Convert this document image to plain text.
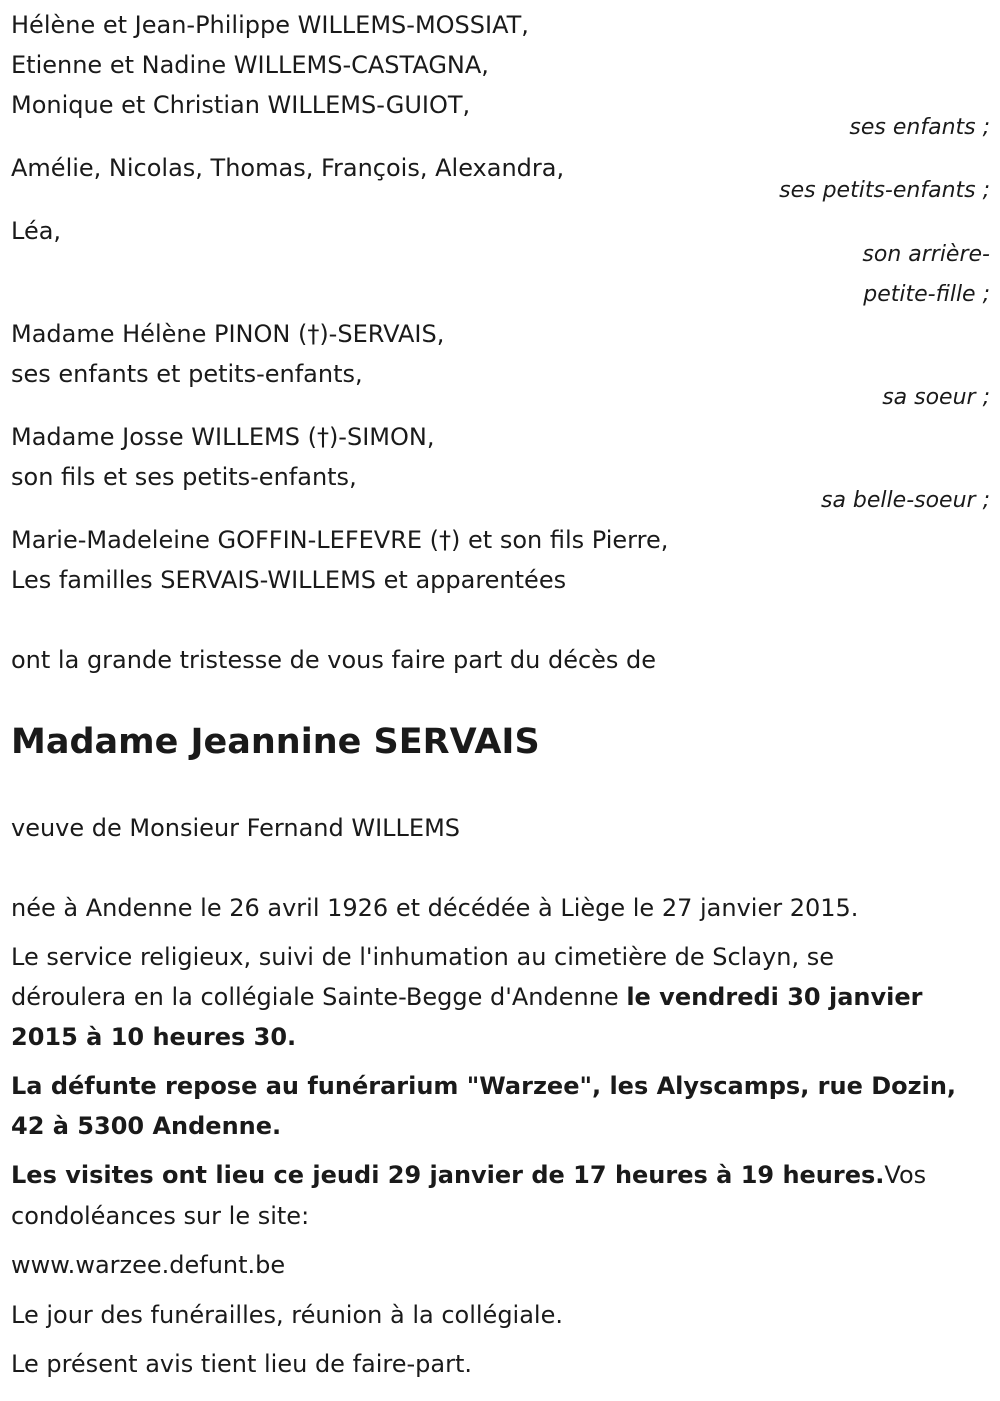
Hélène et Jean-Philippe WILLEMS-MOSSIAT,

Etienne et Nadine WILLEMS-CASTAGNA,

Monique et Christian WILLEMS-GUIOT,

ses enfants ;

Amélie, Nicolas, Thomas, François, Alexandra,

ses petits-enfants ;

Léa,

son arrière-

petite-fille ;

Madame Hélène PINON (†)-SERVAIS,

ses enfants et petits-enfants,

sa soeur ;

Madame Josse WILLEMS (†)-SIMON,

son fils et ses petits-enfants,

sa belle-soeur ;

Marie-Madeleine GOFFIN-LEFEVRE (†) et son fils Pierre,

Les familles SERVAIS-WILLEMS et apparentées

ont la grande tristesse de vous faire part du décès de

Madame Jeannine SERVAIS

veuve de Monsieur Fernand WILLEMS

née à Andenne le 26 avril 1926 et décédée à Liège le 27 janvier 2015.

Le service religieux, suivi de l'inhumation au cimetière de Sclayn, se

déroulera en la collégiale Sainte-Begge d'Andenne le vendredi 30 janvier

2015 à 10 heures 30.

La défunte repose au funérarium "Warzee", les Alyscamps, rue Dozin,

42 à 5300 Andenne.

Les visites ont lieu ce jeudi 29 janvier de 17 heures à 19 heures.Vos

condoléances sur le site:

www.warzee.defunt.be

Le jour des funérailles, réunion à la collégiale.

Le présent avis tient lieu de faire-part.
